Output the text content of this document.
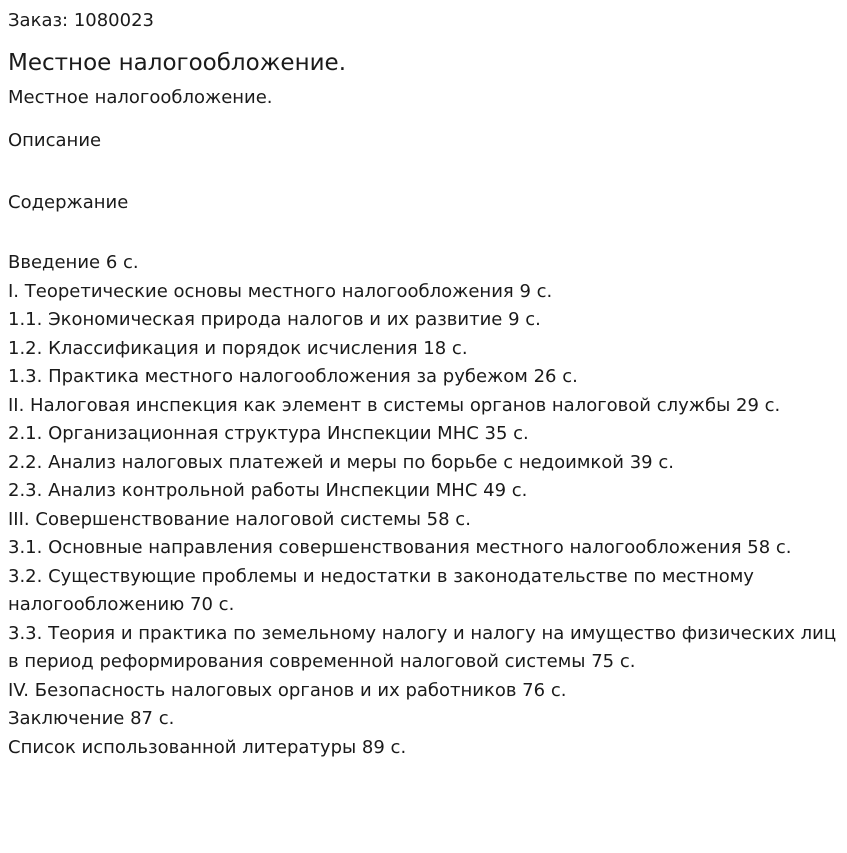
Заказ: 1080023

Местное налогообложение.

Местное налогообложение.

Описание

Содержание

Введение 6 с.
I. Теоретические основы местного налогообложения 9 с.
1.1. Экономическая природа налогов и их развитие 9 с.
1.2. Классификация и порядок исчисления 18 с.
1.3. Практика местного налогообложения за рубежом 26 с.
II. Налоговая инспекция как элемент в системы органов налоговой службы 29 с.
2.1. Организационная структура Инспекции МНС 35 с.
2.2. Анализ налоговых платежей и меры по борьбе с недоимкой 39 с.
2.3. Анализ контрольной работы Инспекции МНС 49 с.
III. Совершенствование налоговой системы 58 с.
3.1. Основные направления совершенствования местного налогообложения 58 с.
3.2. Существующие проблемы и недостатки в законодательстве по местному налогообложению 70 с.
3.3. Теория и практика по земельному налогу и налогу на имущество физических лиц в период реформирования современной налоговой системы 75 с.
IV. Безопасность налоговых органов и их работников 76 с.
Заключение 87 с.
Список использованной литературы 89 с.
